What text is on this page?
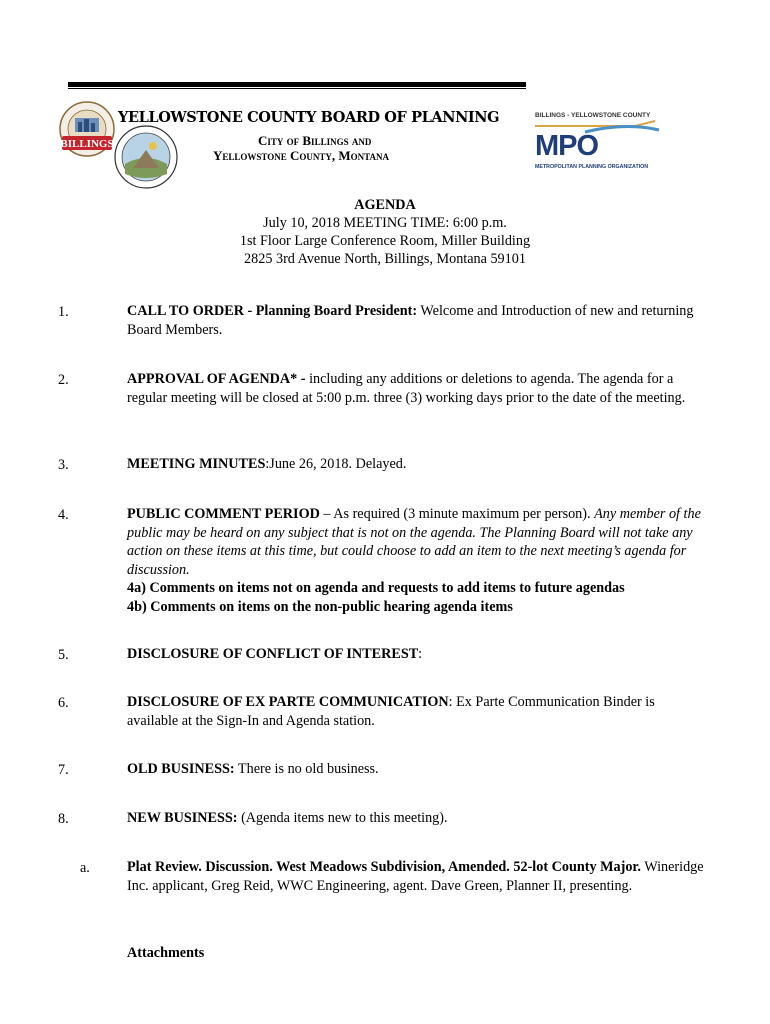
BILLINGS
YELLOWSTONE COUNTY BOARD OF PLANNING
City of Billings and
Yellowstone County, Montana
BILLINGS - YELLOWSTONE COUNTY
MPO
METROPOLITAN PLANNING ORGANIZATION
AGENDA
July 10, 2018 MEETING TIME: 6:00 p.m.
1st Floor Large Conference Room, Miller Building
2825 3rd Avenue North, Billings, Montana 59101
1.	CALL TO ORDER - Planning Board President: Welcome and Introduction of new and returning Board Members.
2.	APPROVAL OF AGENDA* - including any additions or deletions to agenda. The agenda for a regular meeting will be closed at 5:00 p.m. three (3) working days prior to the date of the meeting.
3.	MEETING MINUTES:June 26, 2018. Delayed.
4.	PUBLIC COMMENT PERIOD – As required (3 minute maximum per person). Any member of the public may be heard on any subject that is not on the agenda. The Planning Board will not take any action on these items at this time, but could choose to add an item to the next meeting’s agenda for discussion.
4a) Comments on items not on agenda and requests to add items to future agendas
4b) Comments on items on the non-public hearing agenda items
5.	DISCLOSURE OF CONFLICT OF INTEREST:
6.	DISCLOSURE OF EX PARTE COMMUNICATION: Ex Parte Communication Binder is available at the Sign-In and Agenda station.
7.	OLD BUSINESS: There is no old business.
8.	NEW BUSINESS: (Agenda items new to this meeting).
a.	Plat Review. Discussion. West Meadows Subdivision, Amended. 52-lot County Major. Wineridge Inc. applicant, Greg Reid, WWC Engineering, agent. Dave Green, Planner II, presenting.
Attachments
